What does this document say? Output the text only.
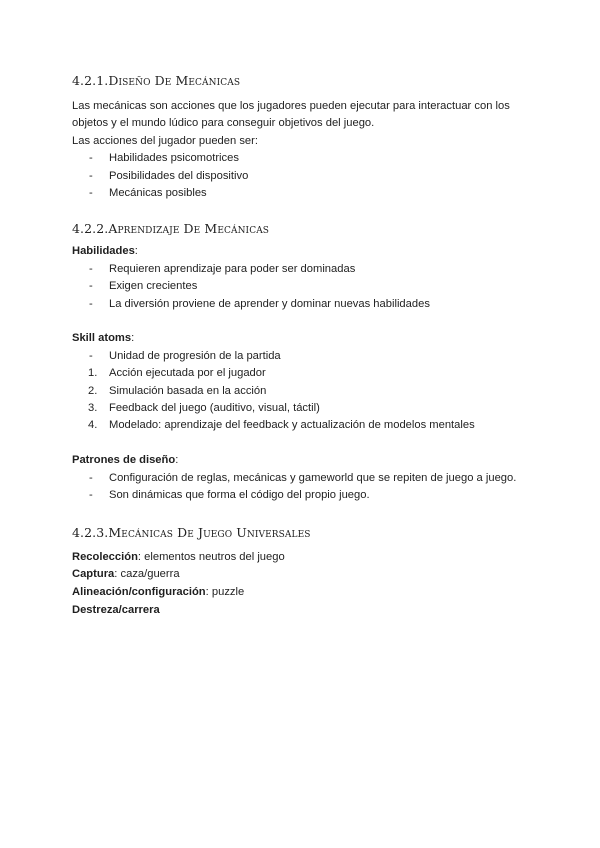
4.2.1.Diseño De Mecánicas

Las mecánicas son acciones que los jugadores pueden ejecutar para interactuar con los

objetos y el mundo lúdico para conseguir objetivos del juego.

Las acciones del jugador pueden ser:

-	Habilidades psicomotrices
-	Posibilidades del dispositivo
-	Mecánicas posibles
4.2.2.Aprendizaje De Mecánicas

Habilidades:

-	Requieren aprendizaje para poder ser dominadas
-	Exigen crecientes
-	La diversión proviene de aprender y dominar nuevas habilidades

Skill atoms:

-	Unidad de progresión de la partida
1.	Acción ejecutada por el jugador
2.	Simulación basada en la acción
3.	Feedback del juego (auditivo, visual, táctil)
4.	Modelado: aprendizaje del feedback y actualización de modelos mentales

Patrones de diseño:

-	Configuración de reglas, mecánicas y gameworld que se repiten de juego a juego.
-	Son dinámicas que forma el código del propio juego.
4.2.3.Mecánicas De Juego Universales
Recolección: elementos neutros del juego
Captura: caza/guerra
Alineación/configuración: puzzle
Destreza/carrera
